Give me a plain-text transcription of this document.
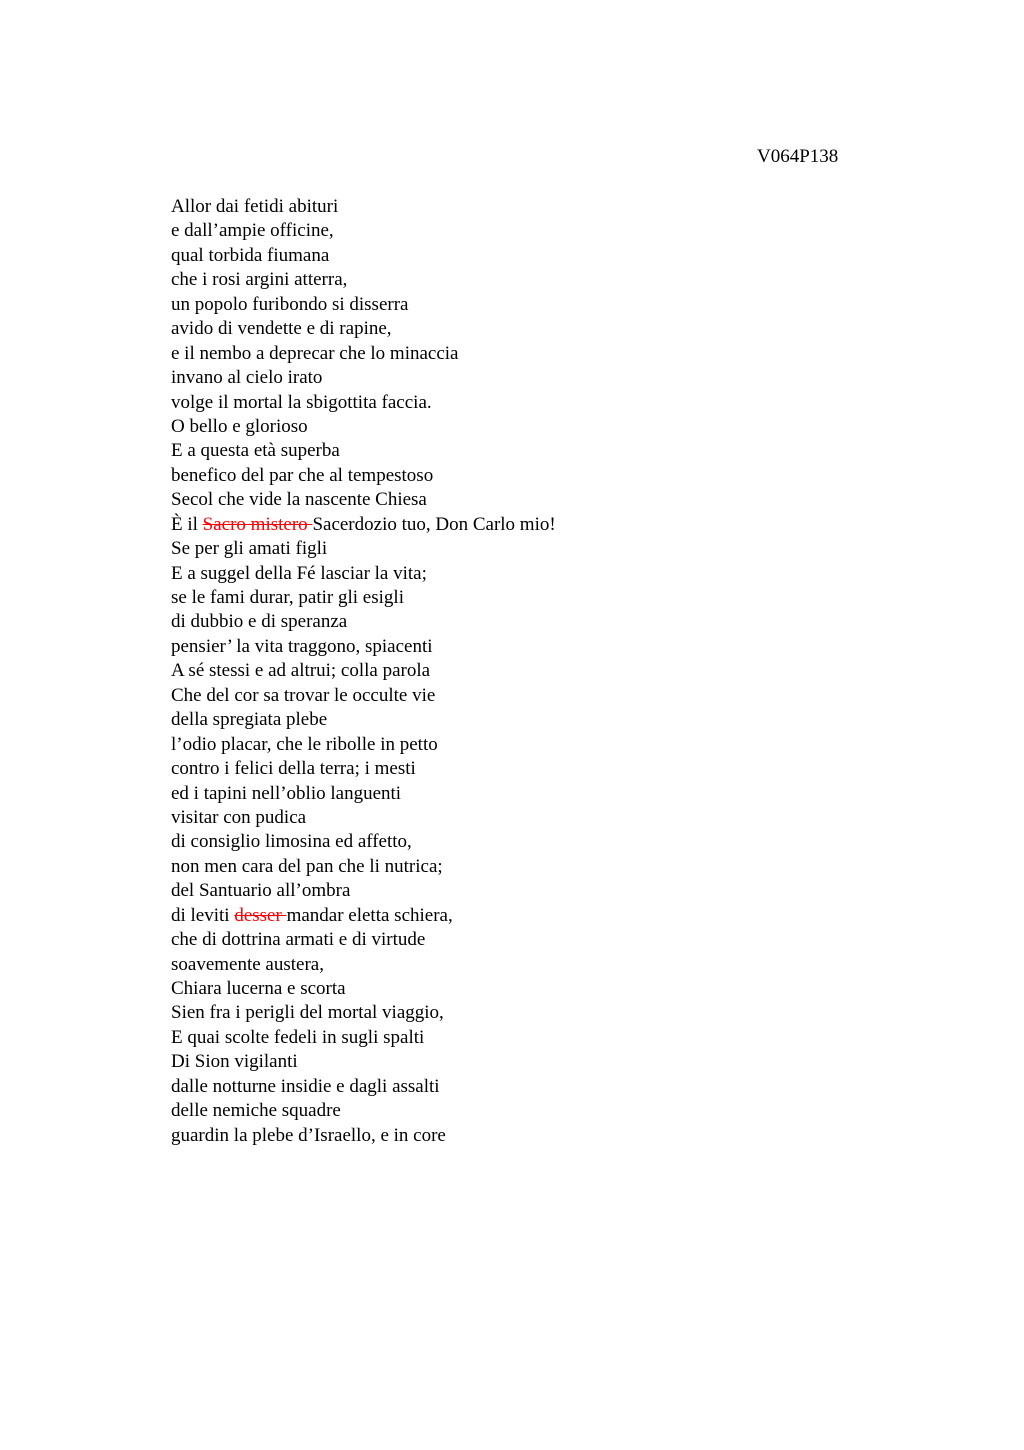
V064P138
Allor dai fetidi abituri
e dall’ampie officine,
qual torbida fiumana
che i rosi argini atterra,
un popolo furibondo si disserra
avido di vendette e di rapine,
e il nembo a deprecar che lo minaccia
invano al cielo irato
volge il mortal la sbigottita faccia.
O bello e glorioso
E a questa età superba
benefico del par che al tempestoso
Secol che vide la nascente Chiesa
È il Sacro mistero Sacerdozio tuo, Don Carlo mio!
Se per gli amati figli
E a suggel della Fé lasciar la vita;
se le fami durar, patir gli esigli
di dubbio e di speranza
pensier’ la vita traggono, spiacenti
A sé stessi e ad altrui; colla parola
Che del cor sa trovar le occulte vie
della spregiata plebe
l’odio placar, che le ribolle in petto
contro i felici della terra; i mesti
ed i tapini nell’oblio languenti
visitar con pudica
di consiglio limosina ed affetto,
non men cara del pan che li nutrica;
del Santuario all’ombra
di leviti desser mandar eletta schiera,
che di dottrina armati e di virtude
soavemente austera,
Chiara lucerna e scorta
Sien fra i perigli del mortal viaggio,
E quai scolte fedeli in sugli spalti
Di Sion vigilanti
dalle notturne insidie e dagli assalti
delle nemiche squadre
guardin la plebe d’Israello, e in core
